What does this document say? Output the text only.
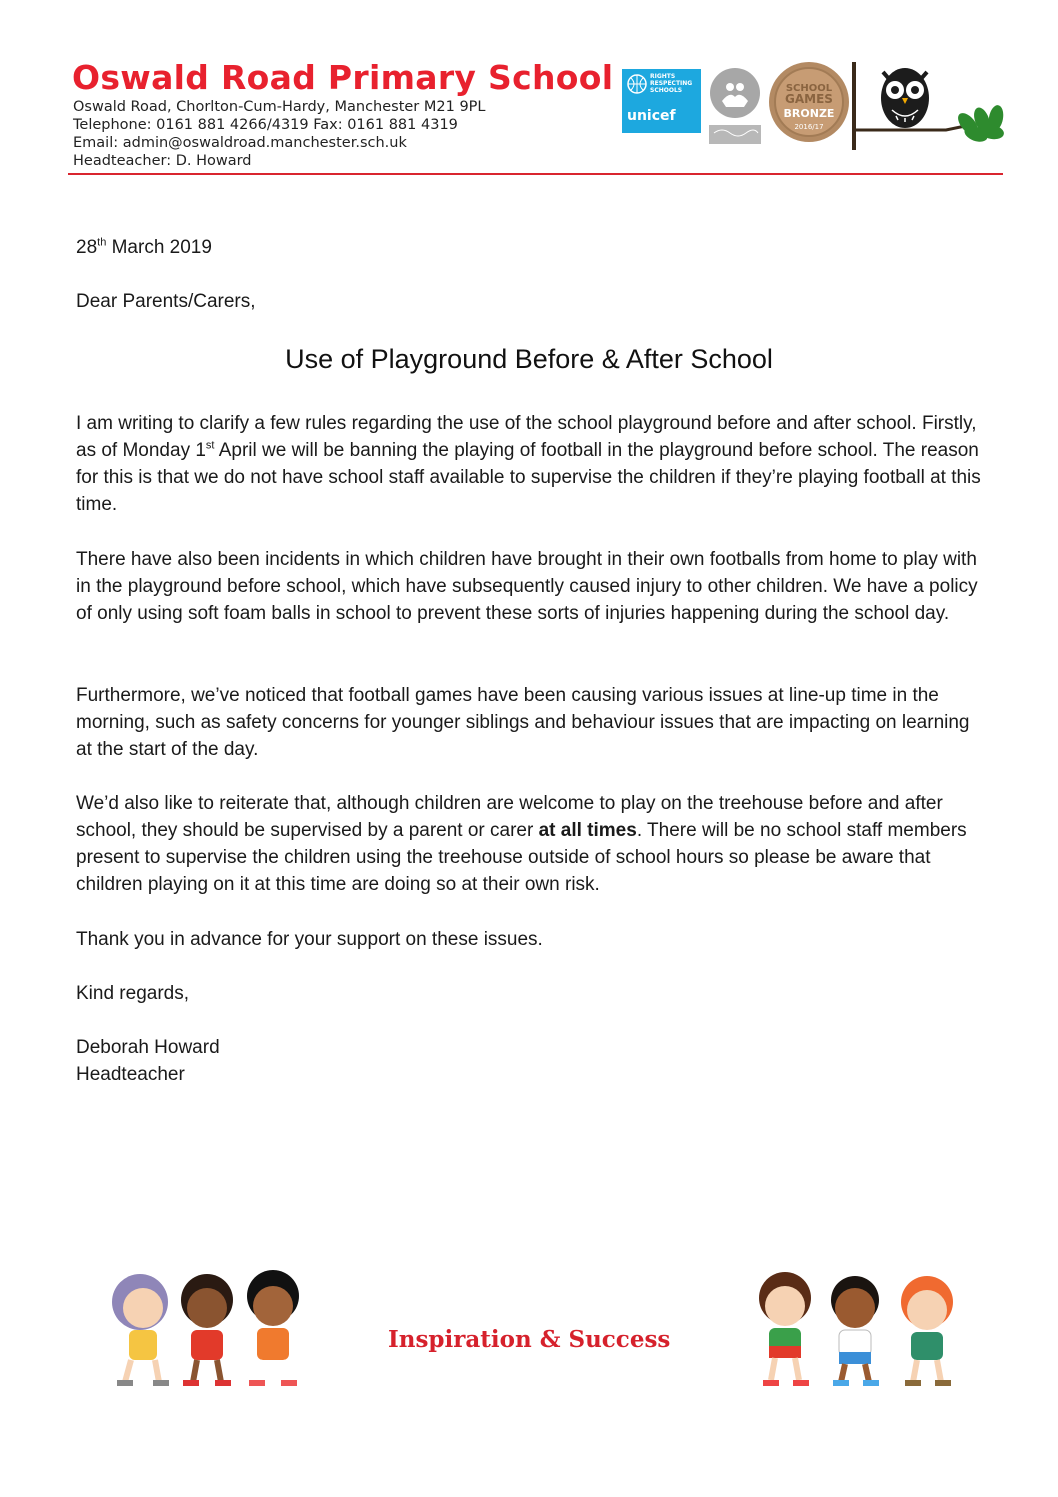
Oswald Road Primary School
Oswald Road, Chorlton-Cum-Hardy, Manchester M21 9PL
Telephone: 0161 881 4266/4319 Fax: 0161 881 4319
Email: admin@oswaldroad.manchester.sch.uk
Headteacher: D. Howard
RIGHTS RESPECTING SCHOOLS
unicef
SCHOOL
GAMES
BRONZE
2016/17

28th March 2019

Dear Parents/Carers,

Use of Playground Before & After School

I am writing to clarify a few rules regarding the use of the school playground before and after school. Firstly, as of Monday 1st April we will be banning the playing of football in the playground before school. The reason for this is that we do not have school staff available to supervise the children if they’re playing football at this time.

There have also been incidents in which children have brought in their own footballs from home to play with in the playground before school, which have subsequently caused injury to other children. We have a policy of only using soft foam balls in school to prevent these sorts of injuries happening during the school day.

Furthermore, we’ve noticed that football games have been causing various issues at line-up time in the morning, such as safety concerns for younger siblings and behaviour issues that are impacting on learning at the start of the day.

We’d also like to reiterate that, although children are welcome to play on the treehouse before and after school, they should be supervised by a parent or carer at all times. There will be no school staff members present to supervise the children using the treehouse outside of school hours so please be aware that children playing on it at this time are doing so at their own risk.

Thank you in advance for your support on these issues.

Kind regards,

Deborah Howard
Headteacher

Inspiration & Success
